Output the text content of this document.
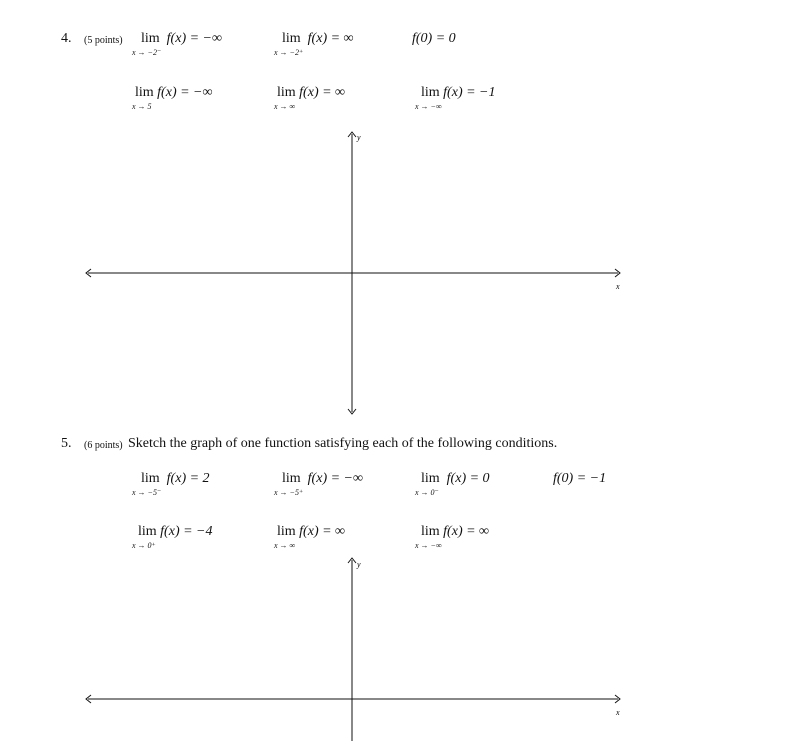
4. (5 points) lim f(x) = −∞
x → −2⁻
lim f(x) = ∞
x → −2⁺
f(0) = 0
lim f(x) = −∞
x → 5
lim f(x) = ∞
x → ∞
lim f(x) = −1
x → −∞
y
x
y
x
5. (6 points) Sketch the graph of one function satisfying each of the following conditions.
lim f(x) = 2
x → −5⁻
lim f(x) = −∞
x → −5⁺
lim f(x) = 0
x → 0⁻
f(0) = −1
lim f(x) = −4
x → 0⁺
lim f(x) = ∞
x → ∞
lim f(x) = ∞
x → −∞
